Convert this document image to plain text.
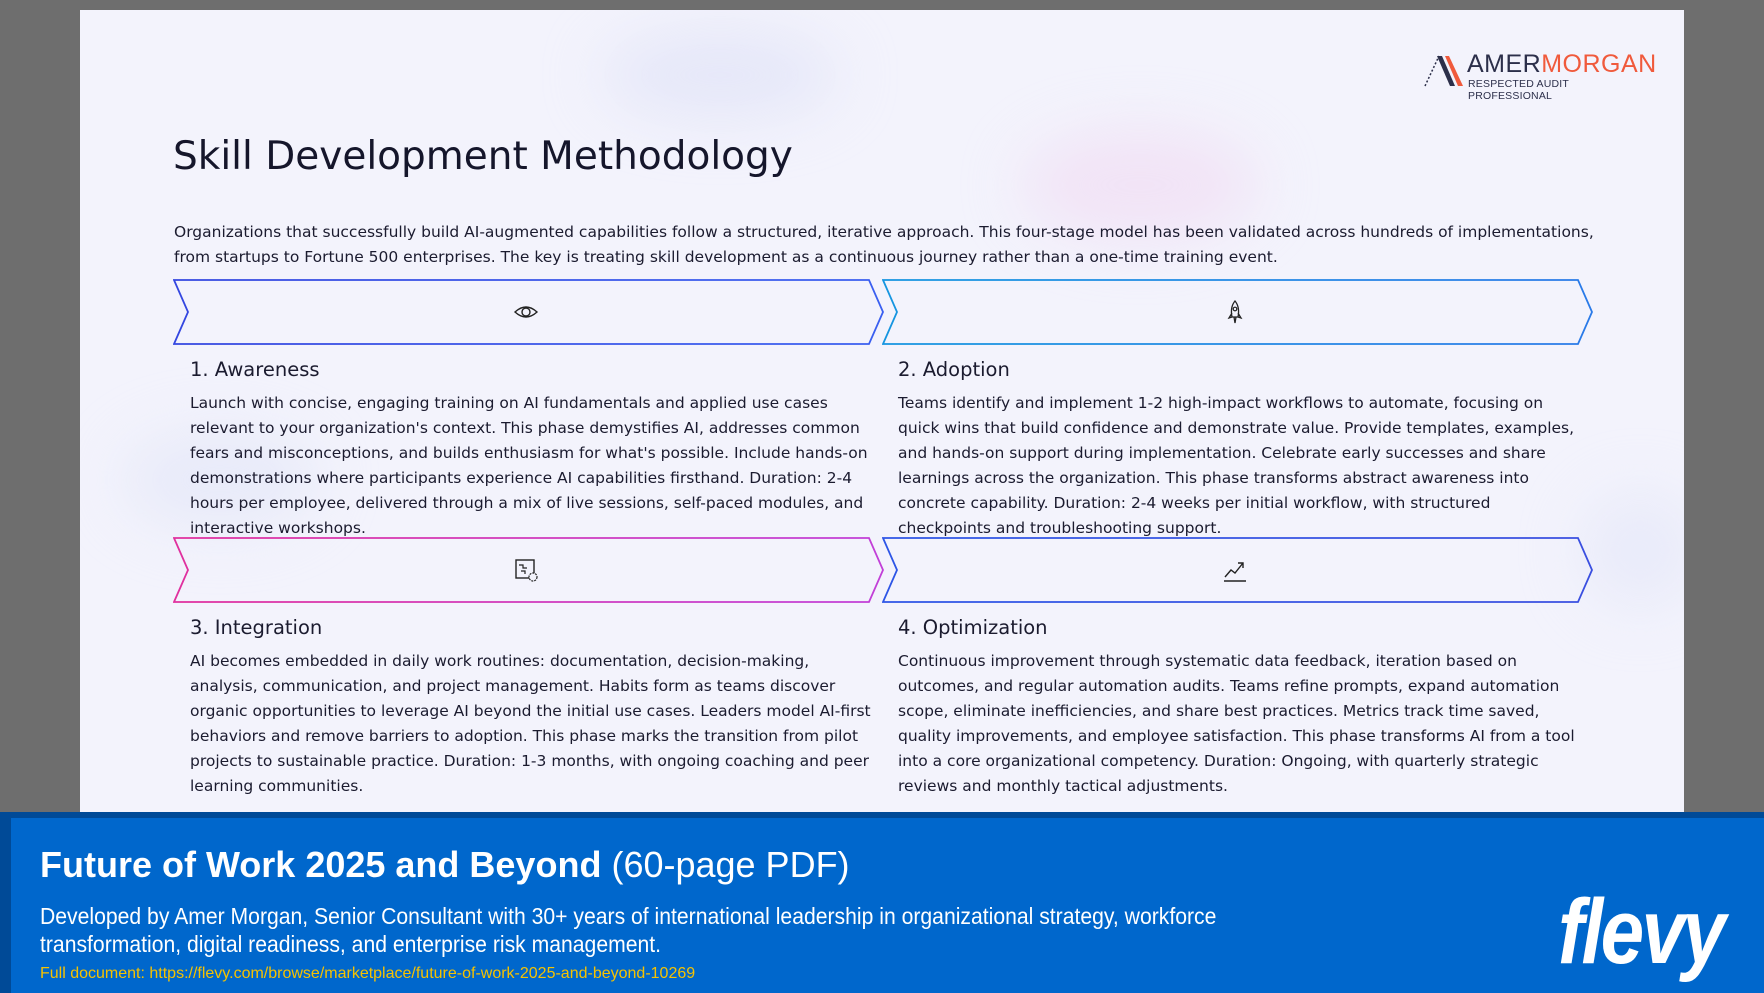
AMERMORGAN
RESPECTED AUDIT PROFESSIONAL
Skill Development Methodology

Organizations that successfully build AI-augmented capabilities follow a structured, iterative approach. This four-stage model has been validated across hundreds of implementations, from startups to Fortune 500 enterprises. The key is treating skill development as a continuous journey rather than a one-time training event.

1. Awareness

Launch with concise, engaging training on AI fundamentals and applied use cases relevant to your organization's context. This phase demystifies AI, addresses common fears and misconceptions, and builds enthusiasm for what's possible. Include hands-on demonstrations where participants experience AI capabilities firsthand. Duration: 2-4 hours per employee, delivered through a mix of live sessions, self-paced modules, and interactive workshops.

2. Adoption

Teams identify and implement 1-2 high-impact workflows to automate, focusing on quick wins that build confidence and demonstrate value. Provide templates, examples, and hands-on support during implementation. Celebrate early successes and share learnings across the organization. This phase transforms abstract awareness into concrete capability. Duration: 2-4 weeks per initial workflow, with structured checkpoints and troubleshooting support.

3. Integration

AI becomes embedded in daily work routines: documentation, decision-making, analysis, communication, and project management. Habits form as teams discover organic opportunities to leverage AI beyond the initial use cases. Leaders model AI-first behaviors and remove barriers to adoption. This phase marks the transition from pilot projects to sustainable practice. Duration: 1-3 months, with ongoing coaching and peer learning communities.

4. Optimization

Continuous improvement through systematic data feedback, iteration based on outcomes, and regular automation audits. Teams refine prompts, expand automation scope, eliminate inefficiencies, and share best practices. Metrics track time saved, quality improvements, and employee satisfaction. This phase transforms AI from a tool into a core organizational competency. Duration: Ongoing, with quarterly strategic reviews and monthly tactical adjustments.

Future of Work 2025 and Beyond (60-page PDF)
Developed by Amer Morgan, Senior Consultant with 30+ years of international leadership in organizational strategy, workforce transformation, digital readiness, and enterprise risk management.
Full document: https://flevy.com/browse/marketplace/future-of-work-2025-and-beyond-10269	flevy
